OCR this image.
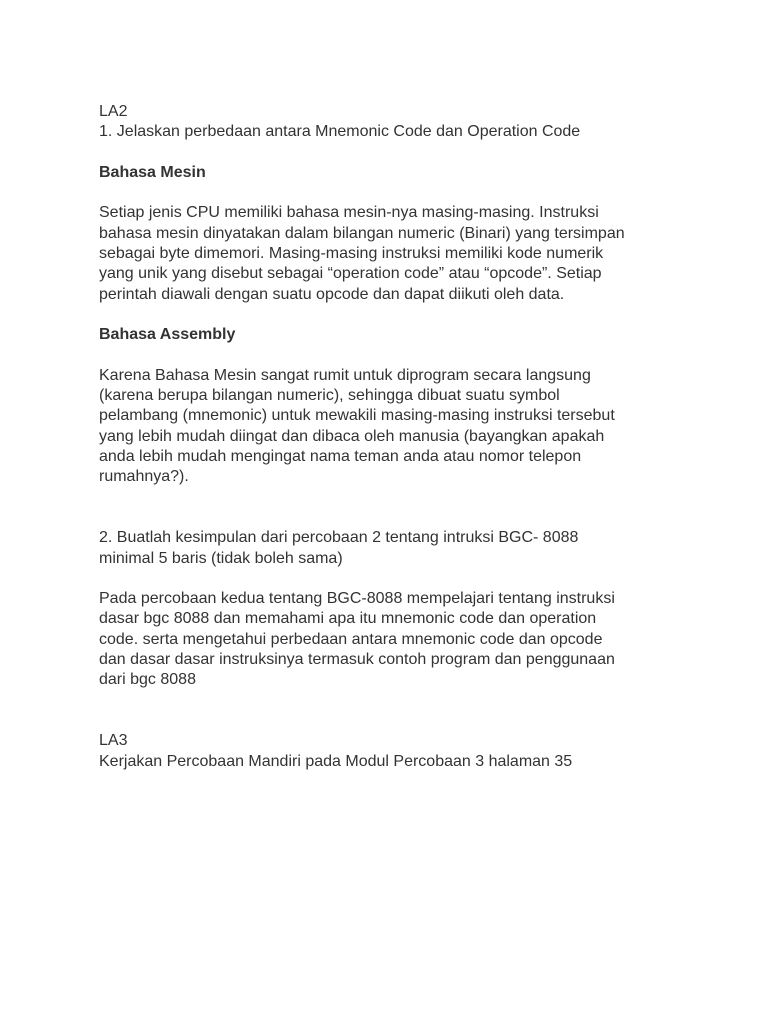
LA2
1. Jelaskan perbedaan antara Mnemonic Code dan Operation Code
Bahasa Mesin
Setiap jenis CPU memiliki bahasa mesin-nya masing-masing. Instruksi
bahasa mesin dinyatakan dalam bilangan numeric (Binari) yang tersimpan
sebagai byte dimemori. Masing-masing instruksi memiliki kode numerik
yang unik yang disebut sebagai “operation code” atau “opcode”. Setiap
perintah diawali dengan suatu opcode dan dapat diikuti oleh data.
Bahasa Assembly
Karena Bahasa Mesin sangat rumit untuk diprogram secara langsung
(karena berupa bilangan numeric), sehingga dibuat suatu symbol
pelambang (mnemonic) untuk mewakili masing-masing instruksi tersebut
yang lebih mudah diingat dan dibaca oleh manusia (bayangkan apakah
anda lebih mudah mengingat nama teman anda atau nomor telepon
rumahnya?).
2. Buatlah kesimpulan dari percobaan 2 tentang intruksi BGC- 8088
minimal 5 baris (tidak boleh sama)
Pada percobaan kedua tentang BGC-8088 mempelajari tentang instruksi
dasar bgc 8088 dan memahami apa itu mnemonic code dan operation
code. serta mengetahui perbedaan antara mnemonic code dan opcode
dan dasar dasar instruksinya termasuk contoh program dan penggunaan
dari bgc 8088
LA3
Kerjakan Percobaan Mandiri pada Modul Percobaan 3 halaman 35
